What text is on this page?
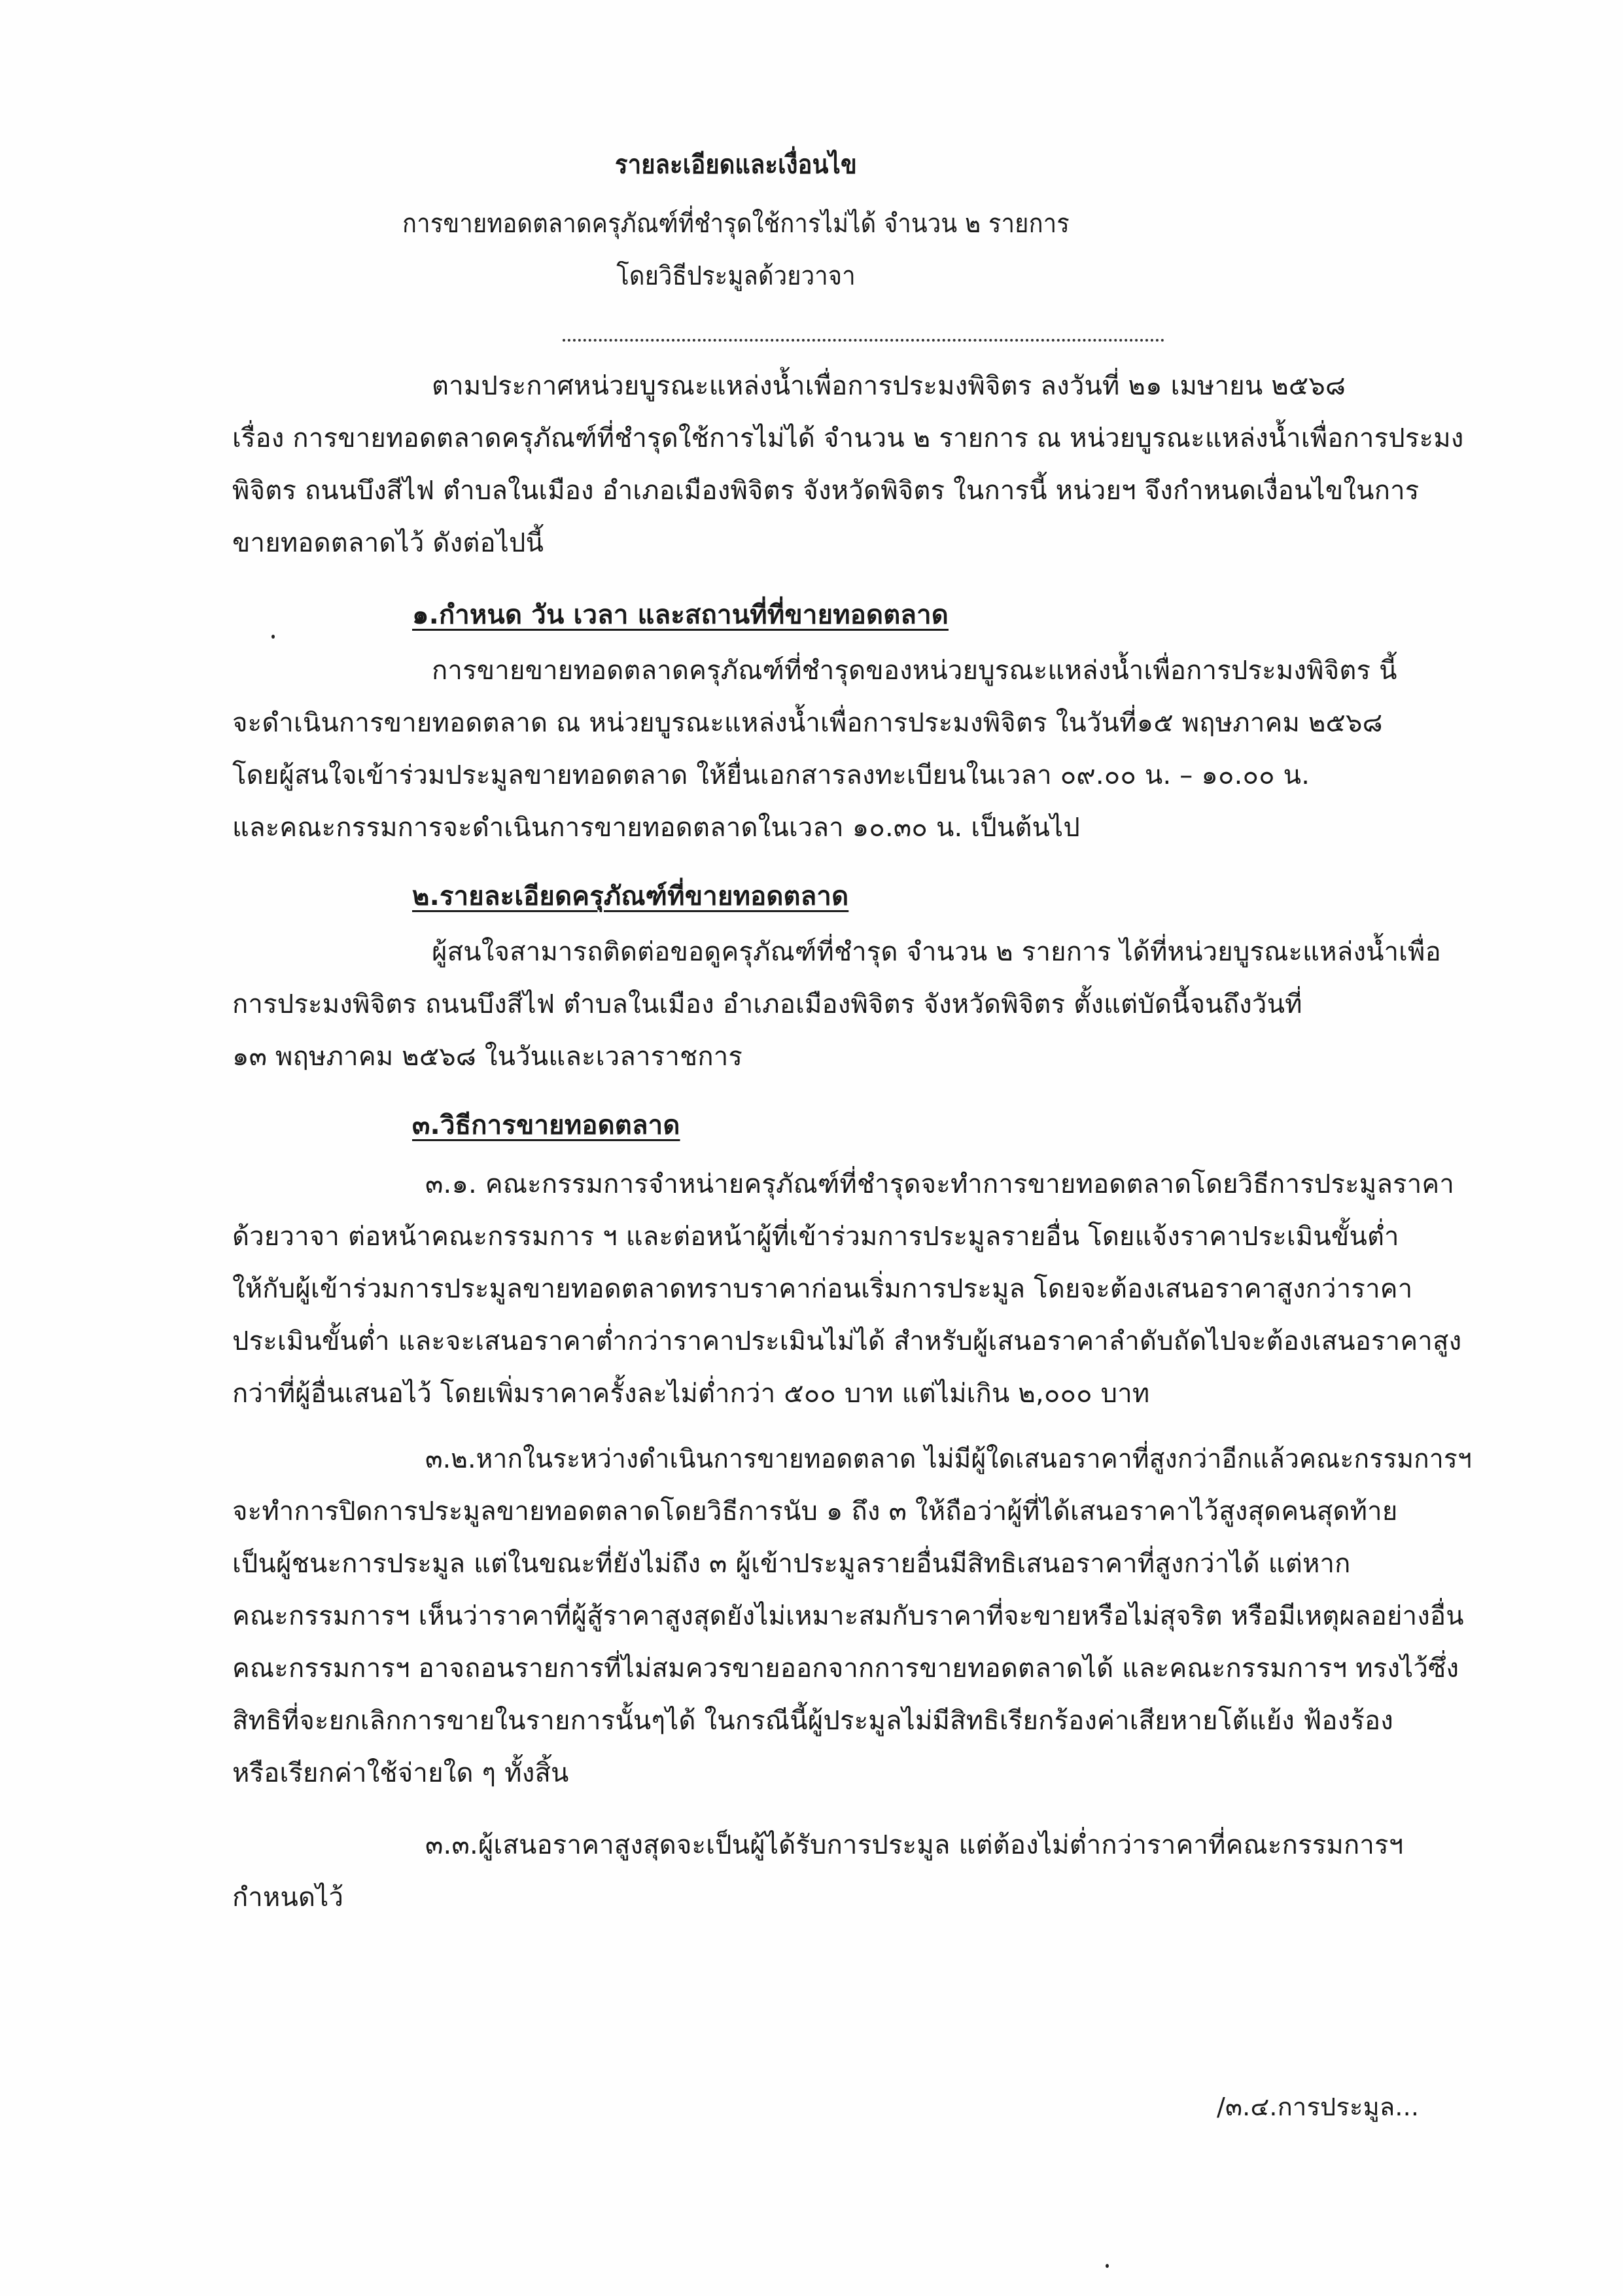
รายละเอียดและเงื่อนไข
การขายทอดตลาดครุภัณฑ์ที่ชำรุดใช้การไม่ได้ จำนวน ๒ รายการ
โดยวิธีประมูลด้วยวาจา
ตามประกาศหน่วยบูรณะแหล่งน้ำเพื่อการประมงพิจิตร ลงวันที่ ๒๑ เมษายน ๒๕๖๘
เรื่อง การขายทอดตลาดครุภัณฑ์ที่ชำรุดใช้การไม่ได้ จำนวน ๒ รายการ ณ หน่วยบูรณะแหล่งน้ำเพื่อการประมง
พิจิตร ถนนบึงสีไฟ ตำบลในเมือง อำเภอเมืองพิจิตร จังหวัดพิจิตร ในการนี้ หน่วยฯ จึงกำหนดเงื่อนไขในการ
ขายทอดตลาดไว้ ดังต่อไปนี้
๑.กำหนด วัน เวลา และสถานที่ที่ขายทอดตลาด
การขายขายทอดตลาดครุภัณฑ์ที่ชำรุดของหน่วยบูรณะแหล่งน้ำเพื่อการประมงพิจิตร นี้
จะดำเนินการขายทอดตลาด ณ หน่วยบูรณะแหล่งน้ำเพื่อการประมงพิจิตร ในวันที่๑๕ พฤษภาคม ๒๕๖๘
โดยผู้สนใจเข้าร่วมประมูลขายทอดตลาด ให้ยื่นเอกสารลงทะเบียนในเวลา ๐๙.๐๐ น. – ๑๐.๐๐ น.
และคณะกรรมการจะดำเนินการขายทอดตลาดในเวลา ๑๐.๓๐ น. เป็นต้นไป
๒.รายละเอียดครุภัณฑ์ที่ขายทอดตลาด
ผู้สนใจสามารถติดต่อขอดูครุภัณฑ์ที่ชำรุด จำนวน ๒ รายการ ได้ที่หน่วยบูรณะแหล่งน้ำเพื่อ
การประมงพิจิตร ถนนบึงสีไฟ ตำบลในเมือง อำเภอเมืองพิจิตร จังหวัดพิจิตร ตั้งแต่บัดนี้จนถึงวันที่
๑๓ พฤษภาคม ๒๕๖๘ ในวันและเวลาราชการ
๓.วิธีการขายทอดตลาด
๓.๑. คณะกรรมการจำหน่ายครุภัณฑ์ที่ชำรุดจะทำการขายทอดตลาดโดยวิธีการประมูลราคา
ด้วยวาจา ต่อหน้าคณะกรรมการ ฯ และต่อหน้าผู้ที่เข้าร่วมการประมูลรายอื่น โดยแจ้งราคาประเมินขั้นต่ำ
ให้กับผู้เข้าร่วมการประมูลขายทอดตลาดทราบราคาก่อนเริ่มการประมูล โดยจะต้องเสนอราคาสูงกว่าราคา
ประเมินขั้นต่ำ และจะเสนอราคาต่ำกว่าราคาประเมินไม่ได้ สำหรับผู้เสนอราคาลำดับถัดไปจะต้องเสนอราคาสูง
กว่าที่ผู้อื่นเสนอไว้ โดยเพิ่มราคาครั้งละไม่ต่ำกว่า ๕๐๐ บาท แต่ไม่เกิน ๒,๐๐๐ บาท
๓.๒.หากในระหว่างดำเนินการขายทอดตลาด ไม่มีผู้ใดเสนอราคาที่สูงกว่าอีกแล้วคณะกรรมการฯ
จะทำการปิดการประมูลขายทอดตลาดโดยวิธีการนับ ๑ ถึง ๓ ให้ถือว่าผู้ที่ได้เสนอราคาไว้สูงสุดคนสุดท้าย
เป็นผู้ชนะการประมูล แต่ในขณะที่ยังไม่ถึง ๓ ผู้เข้าประมูลรายอื่นมีสิทธิเสนอราคาที่สูงกว่าได้ แต่หาก
คณะกรรมการฯ เห็นว่าราคาที่ผู้สู้ราคาสูงสุดยังไม่เหมาะสมกับราคาที่จะขายหรือไม่สุจริต หรือมีเหตุผลอย่างอื่น
คณะกรรมการฯ อาจถอนรายการที่ไม่สมควรขายออกจากการขายทอดตลาดได้ และคณะกรรมการฯ ทรงไว้ซึ่ง
สิทธิที่จะยกเลิกการขายในรายการนั้นๆได้ ในกรณีนี้ผู้ประมูลไม่มีสิทธิเรียกร้องค่าเสียหายโต้แย้ง ฟ้องร้อง
หรือเรียกค่าใช้จ่ายใด ๆ ทั้งสิ้น
๓.๓.ผู้เสนอราคาสูงสุดจะเป็นผู้ได้รับการประมูล แต่ต้องไม่ต่ำกว่าราคาที่คณะกรรมการฯ
กำหนดไว้
/๓.๔.การประมูล...
